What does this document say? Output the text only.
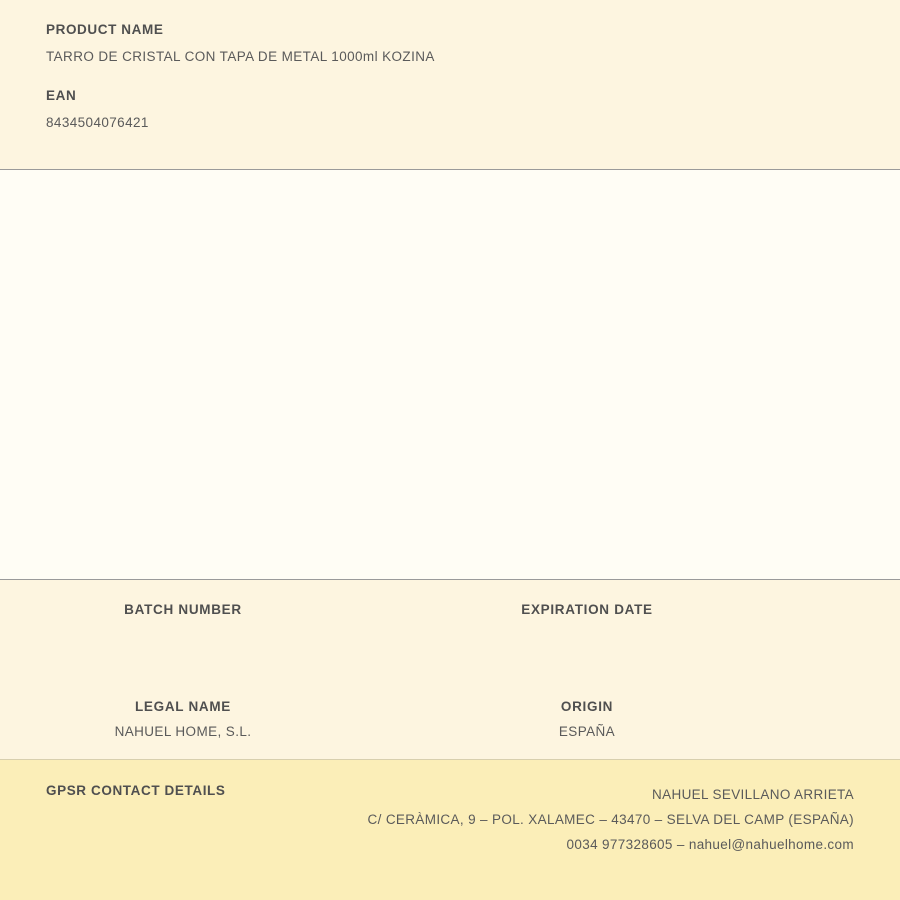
PRODUCT NAME

TARRO DE CRISTAL CON TAPA DE METAL 1000ml KOZINA

EAN

8434504076421

BATCH NUMBER	EXPIRATION DATE

LEGAL NAME

NAHUEL HOME, S.L.

ORIGIN

ESPAÑA

GPSR CONTACT DETAILS	NAHUEL SEVILLANO ARRIETA
C/ CERÀMICA, 9 – POL. XALAMEC – 43470 – SELVA DEL CAMP (ESPAÑA)
0034 977328605 – nahuel@nahuelhome.com
